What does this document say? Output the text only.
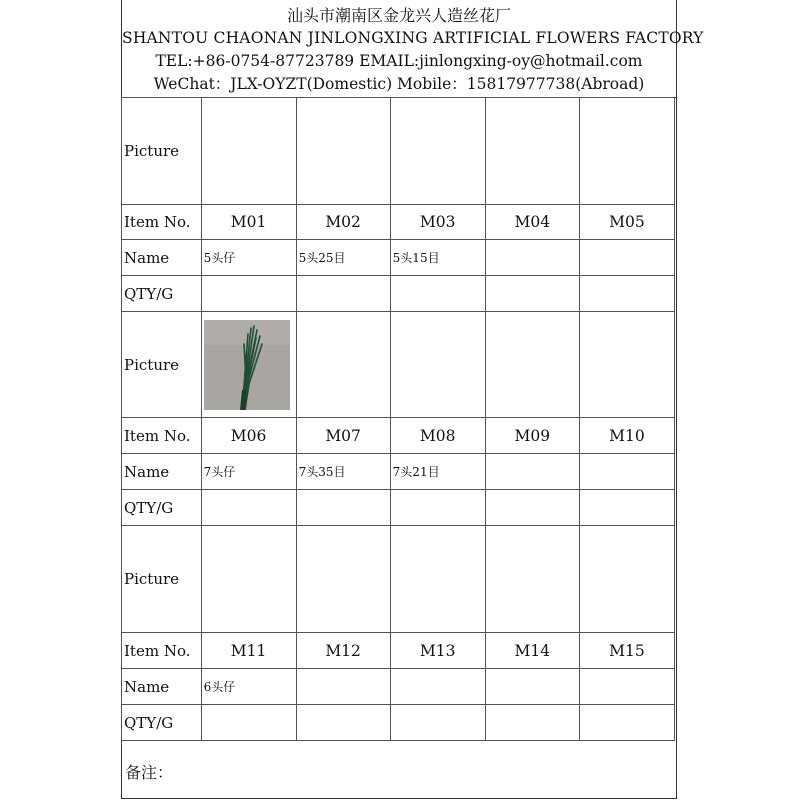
汕头市潮南区金龙兴人造丝花厂
SHANTOU CHAONAN JINLONGXING ARTIFICIAL FLOWERS FACTORY
TEL:+86-0754-87723789 EMAIL:jinlongxing-oy@hotmail.com
WeChat：JLX-OYZT(Domestic) Mobile：15817977738(Abroad)
Picture					
Item No.	M01	M02	M03	M04	M05
Name	5头仔	5头25目	5头15目		
QTY/G					
Picture	

Item No.	M06	M07	M08	M09	M10
Name	7头仔	7头35目	7头21目		
QTY/G					
Picture					
Item No.	M11	M12	M13	M14	M15
Name	6头仔				
QTY/G					
备注：
